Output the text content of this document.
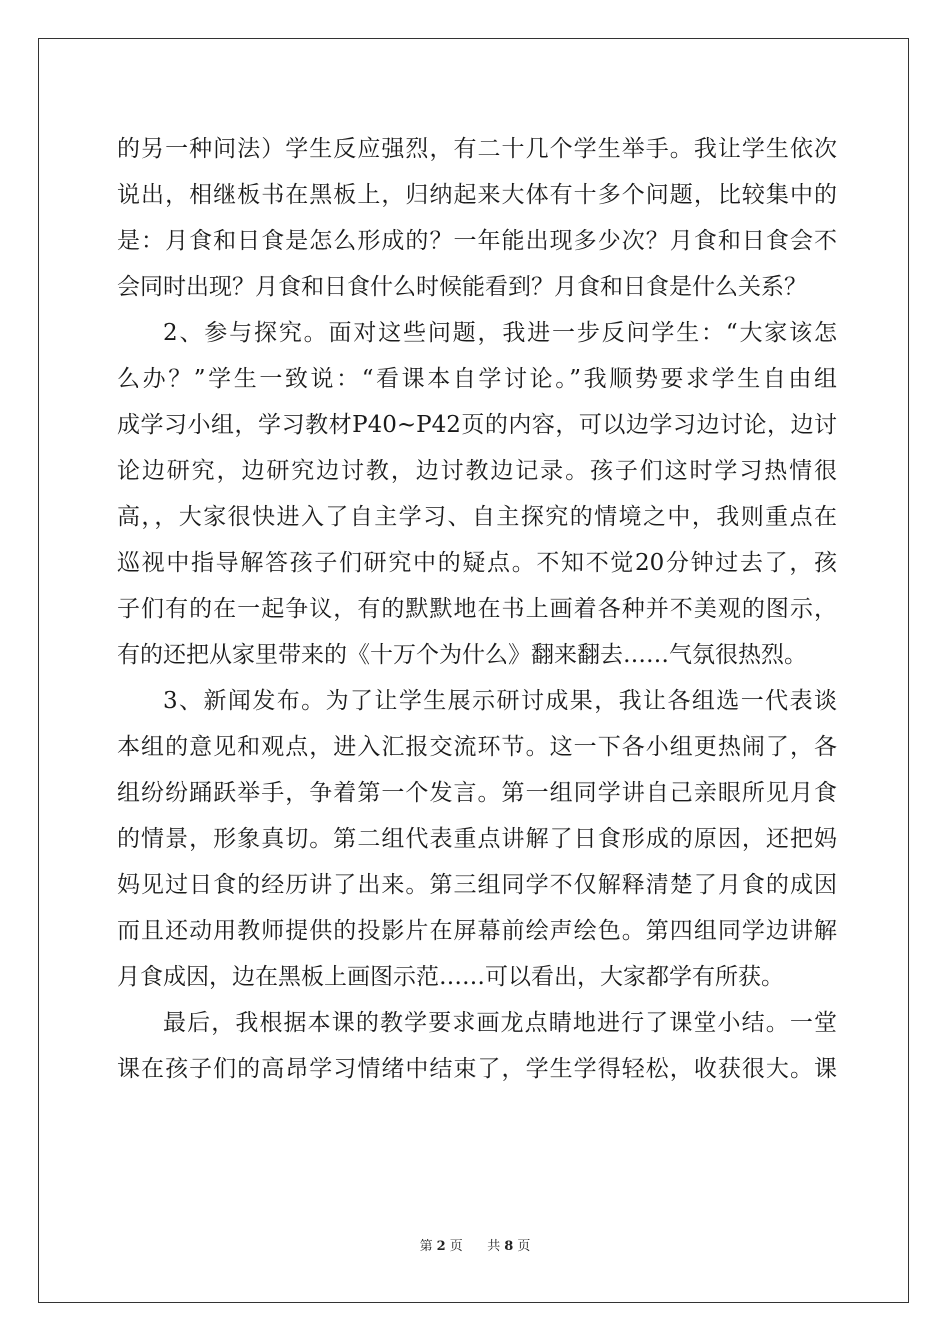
的另一种问法）学生反应强烈，有二十几个学生举手。我让学生依次
说出，相继板书在黑板上，归纳起来大体有十多个问题，比较集中的
是：月食和日食是怎么形成的？一年能出现多少次？月食和日食会不
会同时出现？月食和日食什么时候能看到？月食和日食是什么关系？
2、参与探究。面对这些问题，我进一步反问学生：“大家该怎
么办？”学生一致说：“看课本自学讨论。”我顺势要求学生自由组
成学习小组，学习教材P40~P42页的内容，可以边学习边讨论，边讨
论边研究，边研究边讨教，边讨教边记录。孩子们这时学习热情很
高，，大家很快进入了自主学习、自主探究的情境之中，我则重点在
巡视中指导解答孩子们研究中的疑点。不知不觉20分钟过去了，孩
子们有的在一起争议，有的默默地在书上画着各种并不美观的图示，
有的还把从家里带来的《十万个为什么》翻来翻去……气氛很热烈。
3、新闻发布。为了让学生展示研讨成果，我让各组选一代表谈
本组的意见和观点，进入汇报交流环节。这一下各小组更热闹了，各
组纷纷踊跃举手，争着第一个发言。第一组同学讲自己亲眼所见月食
的情景，形象真切。第二组代表重点讲解了日食形成的原因，还把妈
妈见过日食的经历讲了出来。第三组同学不仅解释清楚了月食的成因
而且还动用教师提供的投影片在屏幕前绘声绘色。第四组同学边讲解
月食成因，边在黑板上画图示范……可以看出，大家都学有所获。
最后，我根据本课的教学要求画龙点睛地进行了课堂小结。一堂
课在孩子们的高昂学习情绪中结束了，学生学得轻松，收获很大。课
第 2 页 共 8 页
